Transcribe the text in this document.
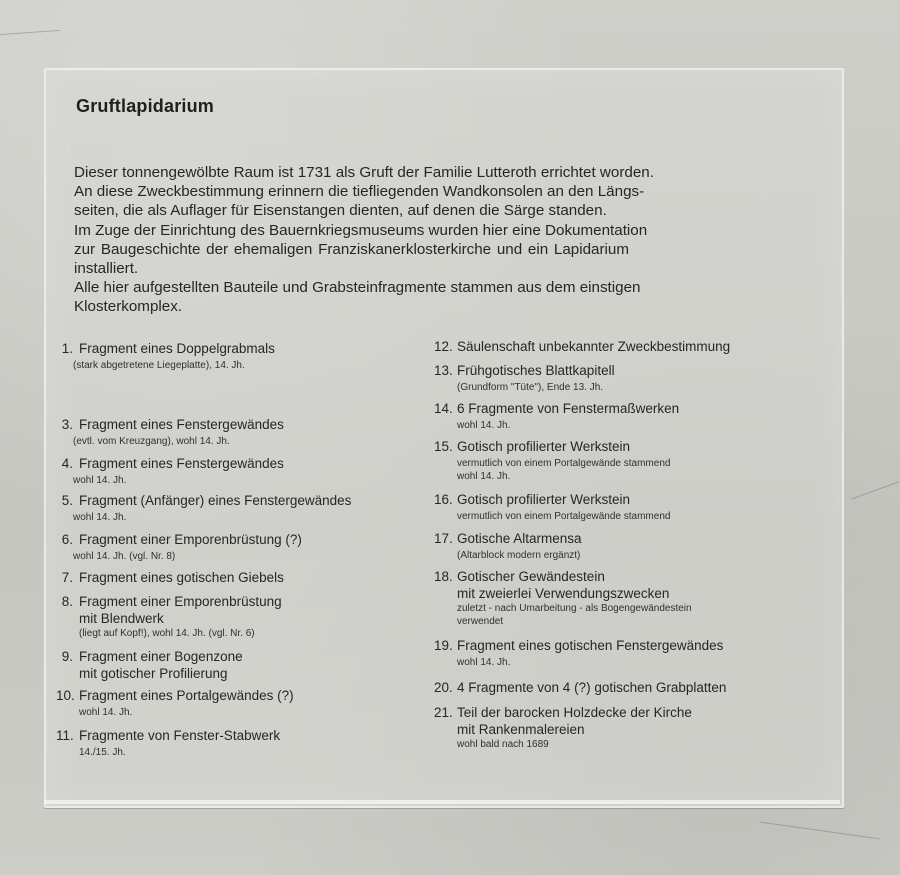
Gruftlapidarium
Dieser tonnengewölbte Raum ist 1731 als Gruft der Familie Lutteroth errichtet worden.
An diese Zweckbestimmung erinnern die tiefliegenden Wandkonsolen an den Längs-
seiten, die als Auflager für Eisenstangen dienten, auf denen die Särge standen.
Im Zuge der Einrichtung des Bauernkriegsmuseums wurden hier eine Dokumentation
zur Baugeschichte der ehemaligen Franziskanerklosterkirche und ein Lapidarium
installiert.
Alle hier aufgestellten Bauteile und Grabsteinfragmente stammen aus dem einstigen
Klosterkomplex.
1. Fragment eines Doppelgrabmals
(stark abgetretene Liegeplatte), 14. Jh.
3. Fragment eines Fenstergewändes
(evtl. vom Kreuzgang), wohl 14. Jh.
4. Fragment eines Fenstergewändes
wohl 14. Jh.
5. Fragment (Anfänger) eines Fenstergewändes
wohl 14. Jh.
6. Fragment einer Emporenbrüstung (?)
wohl 14. Jh. (vgl. Nr. 8)
7. Fragment eines gotischen Giebels
8. Fragment einer Emporenbrüstung
mit Blendwerk
(liegt auf Kopf!), wohl 14. Jh. (vgl. Nr. 6)
9. Fragment einer Bogenzone
mit gotischer Profilierung
10. Fragment eines Portalgewändes (?)
wohl 14. Jh.
11. Fragmente von Fenster-Stabwerk
14./15. Jh.
12. Säulenschaft unbekannter Zweckbestimmung
13. Frühgotisches Blattkapitell
(Grundform "Tüte"), Ende 13. Jh.
14. 6 Fragmente von Fenstermaßwerken
wohl 14. Jh.
15. Gotisch profilierter Werkstein
vermutlich von einem Portalgewände stammend
wohl 14. Jh.
16. Gotisch profilierter Werkstein
vermutlich von einem Portalgewände stammend
17. Gotische Altarmensa
(Altarblock modern ergänzt)
18. Gotischer Gewändestein
mit zweierlei Verwendungszwecken
zuletzt - nach Umarbeitung - als Bogengewändestein
verwendet
19. Fragment eines gotischen Fenstergewändes
wohl 14. Jh.
20. 4 Fragmente von 4 (?) gotischen Grabplatten
21. Teil der barocken Holzdecke der Kirche
mit Rankenmalereien
wohl bald nach 1689
